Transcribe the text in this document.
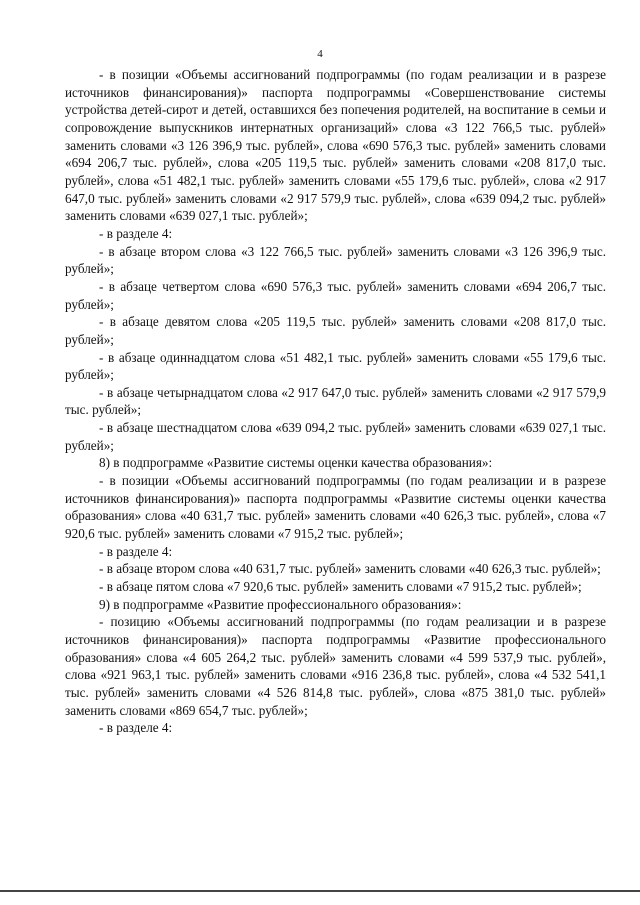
4

- в позиции «Объемы ассигнований подпрограммы (по годам реализации и в разрезе источников финансирования)» паспорта подпрограммы «Совершенствование системы устройства детей-сирот и детей, оставшихся без попечения родителей, на воспитание в семьи и сопровождение выпускников интернатных организаций» слова «3 122 766,5 тыс. рублей» заменить словами «3 126 396,9 тыс. рублей», слова «690 576,3 тыс. рублей» заменить словами «694 206,7 тыс. рублей», слова «205 119,5 тыс. рублей» заменить словами «208 817,0 тыс. рублей», слова «51 482,1 тыс. рублей» заменить словами «55 179,6 тыс. рублей», слова «2 917 647,0 тыс. рублей» заменить словами «2 917 579,9 тыс. рублей», слова «639 094,2 тыс. рублей» заменить словами «639 027,1 тыс. рублей»;

- в разделе 4:

- в абзаце втором слова «3 122 766,5 тыс. рублей» заменить словами «3 126 396,9 тыс. рублей»;

- в абзаце четвертом слова «690 576,3 тыс. рублей» заменить словами «694 206,7 тыс. рублей»;

- в абзаце девятом слова «205 119,5 тыс. рублей» заменить словами «208 817,0 тыс. рублей»;

- в абзаце одиннадцатом слова «51 482,1 тыс. рублей» заменить словами «55 179,6 тыс. рублей»;

- в абзаце четырнадцатом слова «2 917 647,0 тыс. рублей» заменить словами «2 917 579,9 тыс. рублей»;

- в абзаце шестнадцатом слова «639 094,2 тыс. рублей» заменить словами «639 027,1 тыс. рублей»;

8) в подпрограмме «Развитие системы оценки качества образования»:

- в позиции «Объемы ассигнований подпрограммы (по годам реализации и в разрезе источников финансирования)» паспорта подпрограммы «Развитие системы оценки качества образования» слова «40 631,7 тыс. рублей» заменить словами «40 626,3 тыс. рублей», слова «7 920,6 тыс. рублей» заменить словами «7 915,2 тыс. рублей»;

- в разделе 4:

- в абзаце втором слова «40 631,7 тыс. рублей» заменить словами «40 626,3 тыс. рублей»;

- в абзаце пятом слова «7 920,6 тыс. рублей» заменить словами «7 915,2 тыс. рублей»;

9) в подпрограмме «Развитие профессионального образования»:

- позицию «Объемы ассигнований подпрограммы (по годам реализации и в разрезе источников финансирования)» паспорта подпрограммы «Развитие профессионального образования» слова «4 605 264,2 тыс. рублей» заменить словами «4 599 537,9 тыс. рублей», слова «921 963,1 тыс. рублей» заменить словами «916 236,8 тыс. рублей», слова «4 532 541,1 тыс. рублей» заменить словами «4 526 814,8 тыс. рублей», слова «875 381,0 тыс. рублей» заменить словами «869 654,7 тыс. рублей»;

- в разделе 4:
